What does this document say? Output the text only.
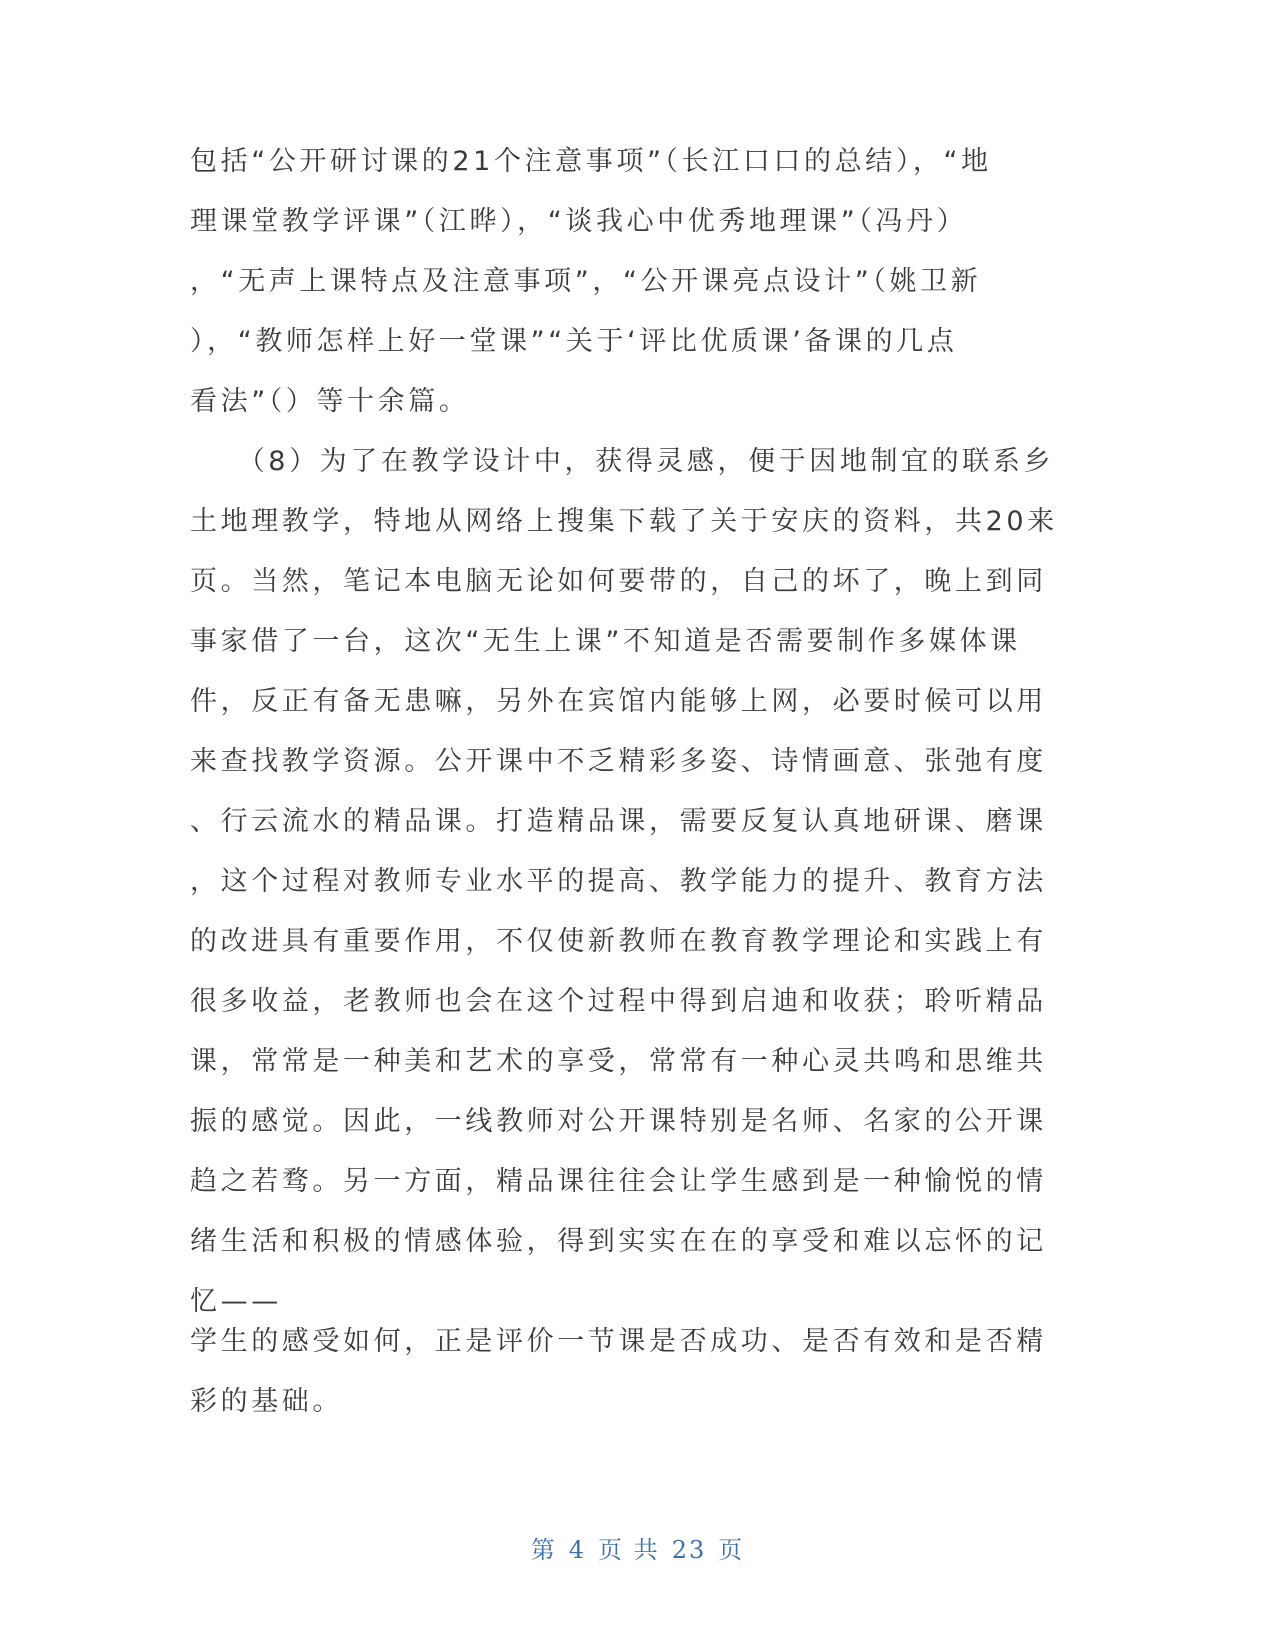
包括“公开研讨课的21个注意事项”（长江口口的总结），“地
理课堂教学评课”（江晔），“谈我心中优秀地理课”（冯丹）
，“无声上课特点及注意事项”，“公开课亮点设计”（姚卫新
），“教师怎样上好一堂课”“关于‘评比优质课’备课的几点
看法”（）等十余篇。
　　（8）为了在教学设计中，获得灵感，便于因地制宜的联系乡
土地理教学，特地从网络上搜集下载了关于安庆的资料，共20来
页。当然，笔记本电脑无论如何要带的，自己的坏了，晚上到同
事家借了一台，这次“无生上课”不知道是否需要制作多媒体课
件，反正有备无患嘛，另外在宾馆内能够上网，必要时候可以用
来查找教学资源。公开课中不乏精彩多姿、诗情画意、张弛有度
、行云流水的精品课。打造精品课，需要反复认真地研课、磨课
，这个过程对教师专业水平的提高、教学能力的提升、教育方法
的改进具有重要作用，不仅使新教师在教育教学理论和实践上有
很多收益，老教师也会在这个过程中得到启迪和收获；聆听精品
课，常常是一种美和艺术的享受，常常有一种心灵共鸣和思维共
振的感觉。因此，一线教师对公开课特别是名师、名家的公开课
趋之若骛。另一方面，精品课往往会让学生感到是一种愉悦的情
绪生活和积极的情感体验，得到实实在在的享受和难以忘怀的记
忆——
学生的感受如何，正是评价一节课是否成功、是否有效和是否精
彩的基础。
第 4 页 共 23 页
